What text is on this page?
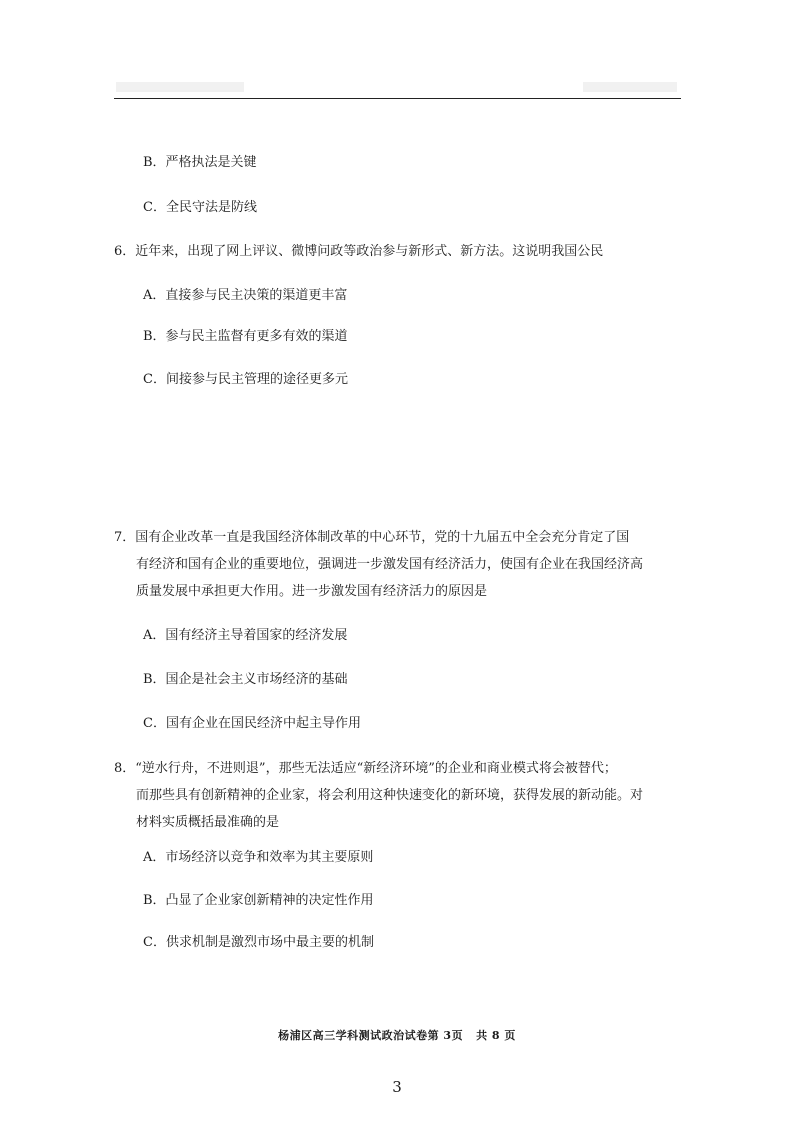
B．严格执法是关键
C．全民守法是防线
6．近年来，出现了网上评议、微博问政等政治参与新形式、新方法。这说明我国公民
A．直接参与民主决策的渠道更丰富
B．参与民主监督有更多有效的渠道
C．间接参与民主管理的途径更多元
7．国有企业改革一直是我国经济体制改革的中心环节，党的十九届五中全会充分肯定了国
有经济和国有企业的重要地位，强调进一步激发国有经济活力，使国有企业在我国经济高
质量发展中承担更大作用。进一步激发国有经济活力的原因是
A．国有经济主导着国家的经济发展
B．国企是社会主义市场经济的基础
C．国有企业在国民经济中起主导作用
8．“逆水行舟，不进则退”，那些无法适应“新经济环境”的企业和商业模式将会被替代；
而那些具有创新精神的企业家，将会利用这种快速变化的新环境，获得发展的新动能。对
材料实质概括最准确的是
A．市场经济以竞争和效率为其主要原则
B．凸显了企业家创新精神的决定性作用
C．供求机制是激烈市场中最主要的机制
杨浦区高三学科测试政治试卷第 3页   共 8 页
3
